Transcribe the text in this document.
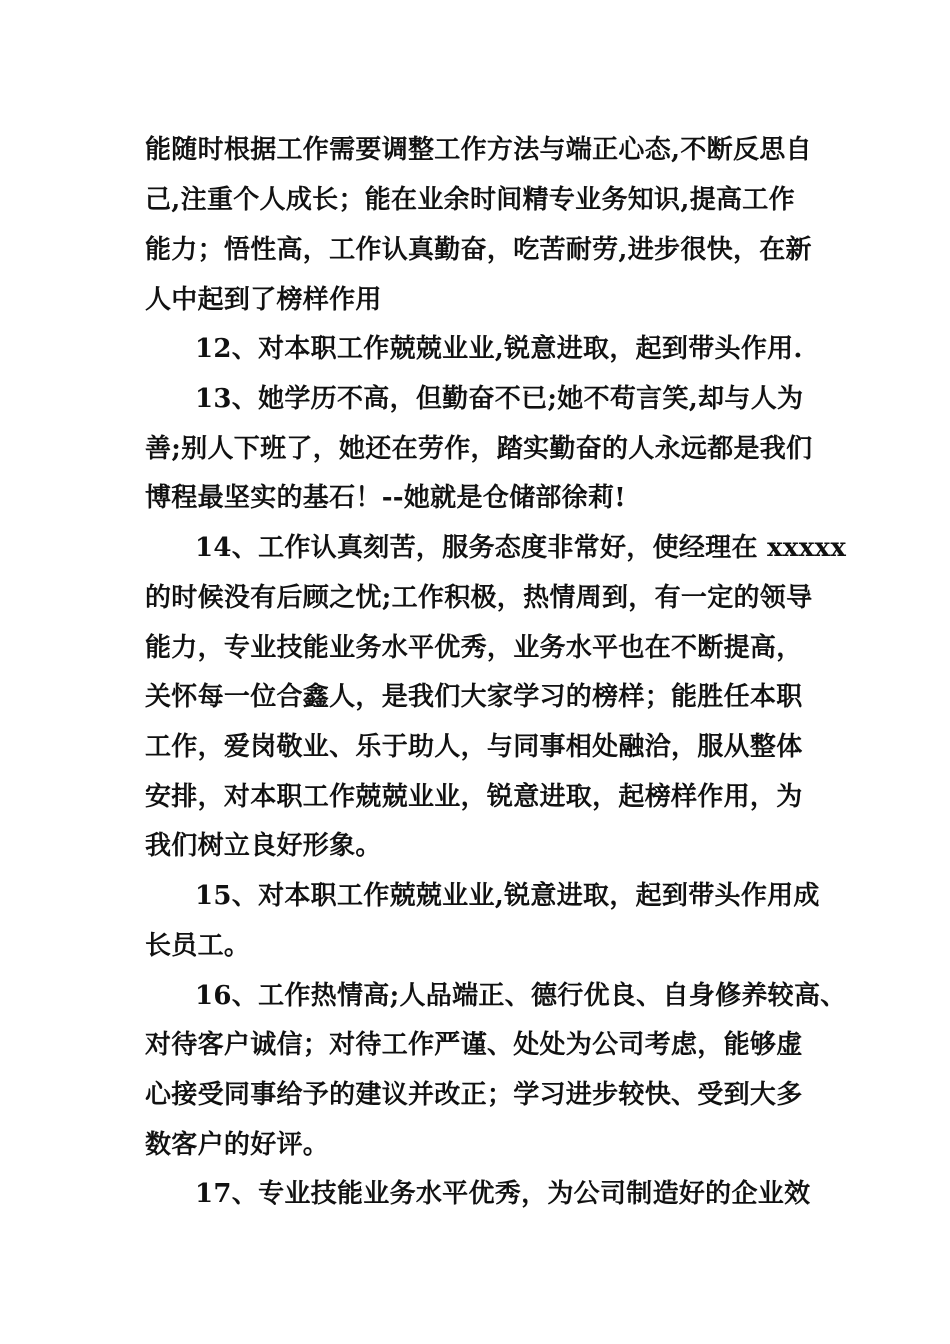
能随时根据工作需要调整工作方法与端正心态,不断反思自
己,注重个人成长；能在业余时间精专业务知识,提高工作
能力；悟性高，工作认真勤奋，吃苦耐劳,进步很快，在新
人中起到了榜样作用
12、对本职工作兢兢业业,锐意进取，起到带头作用.
13、她学历不高，但勤奋不已;她不苟言笑,却与人为
善;别人下班了，她还在劳作，踏实勤奋的人永远都是我们
博程最坚实的基石！--她就是仓储部徐莉!
14、工作认真刻苦，服务态度非常好，使经理在 xxxxx
的时候没有后顾之忧;工作积极，热情周到，有一定的领导
能力，专业技能业务水平优秀，业务水平也在不断提高，
关怀每一位合鑫人，是我们大家学习的榜样；能胜任本职
工作，爱岗敬业、乐于助人，与同事相处融洽，服从整体
安排，对本职工作兢兢业业，锐意进取，起榜样作用，为
我们树立良好形象。
15、对本职工作兢兢业业,锐意进取，起到带头作用成
长员工。
16、工作热情高;人品端正、德行优良、自身修养较高、
对待客户诚信；对待工作严谨、处处为公司考虑，能够虚
心接受同事给予的建议并改正；学习进步较快、受到大多
数客户的好评。
17、专业技能业务水平优秀，为公司制造好的企业效
